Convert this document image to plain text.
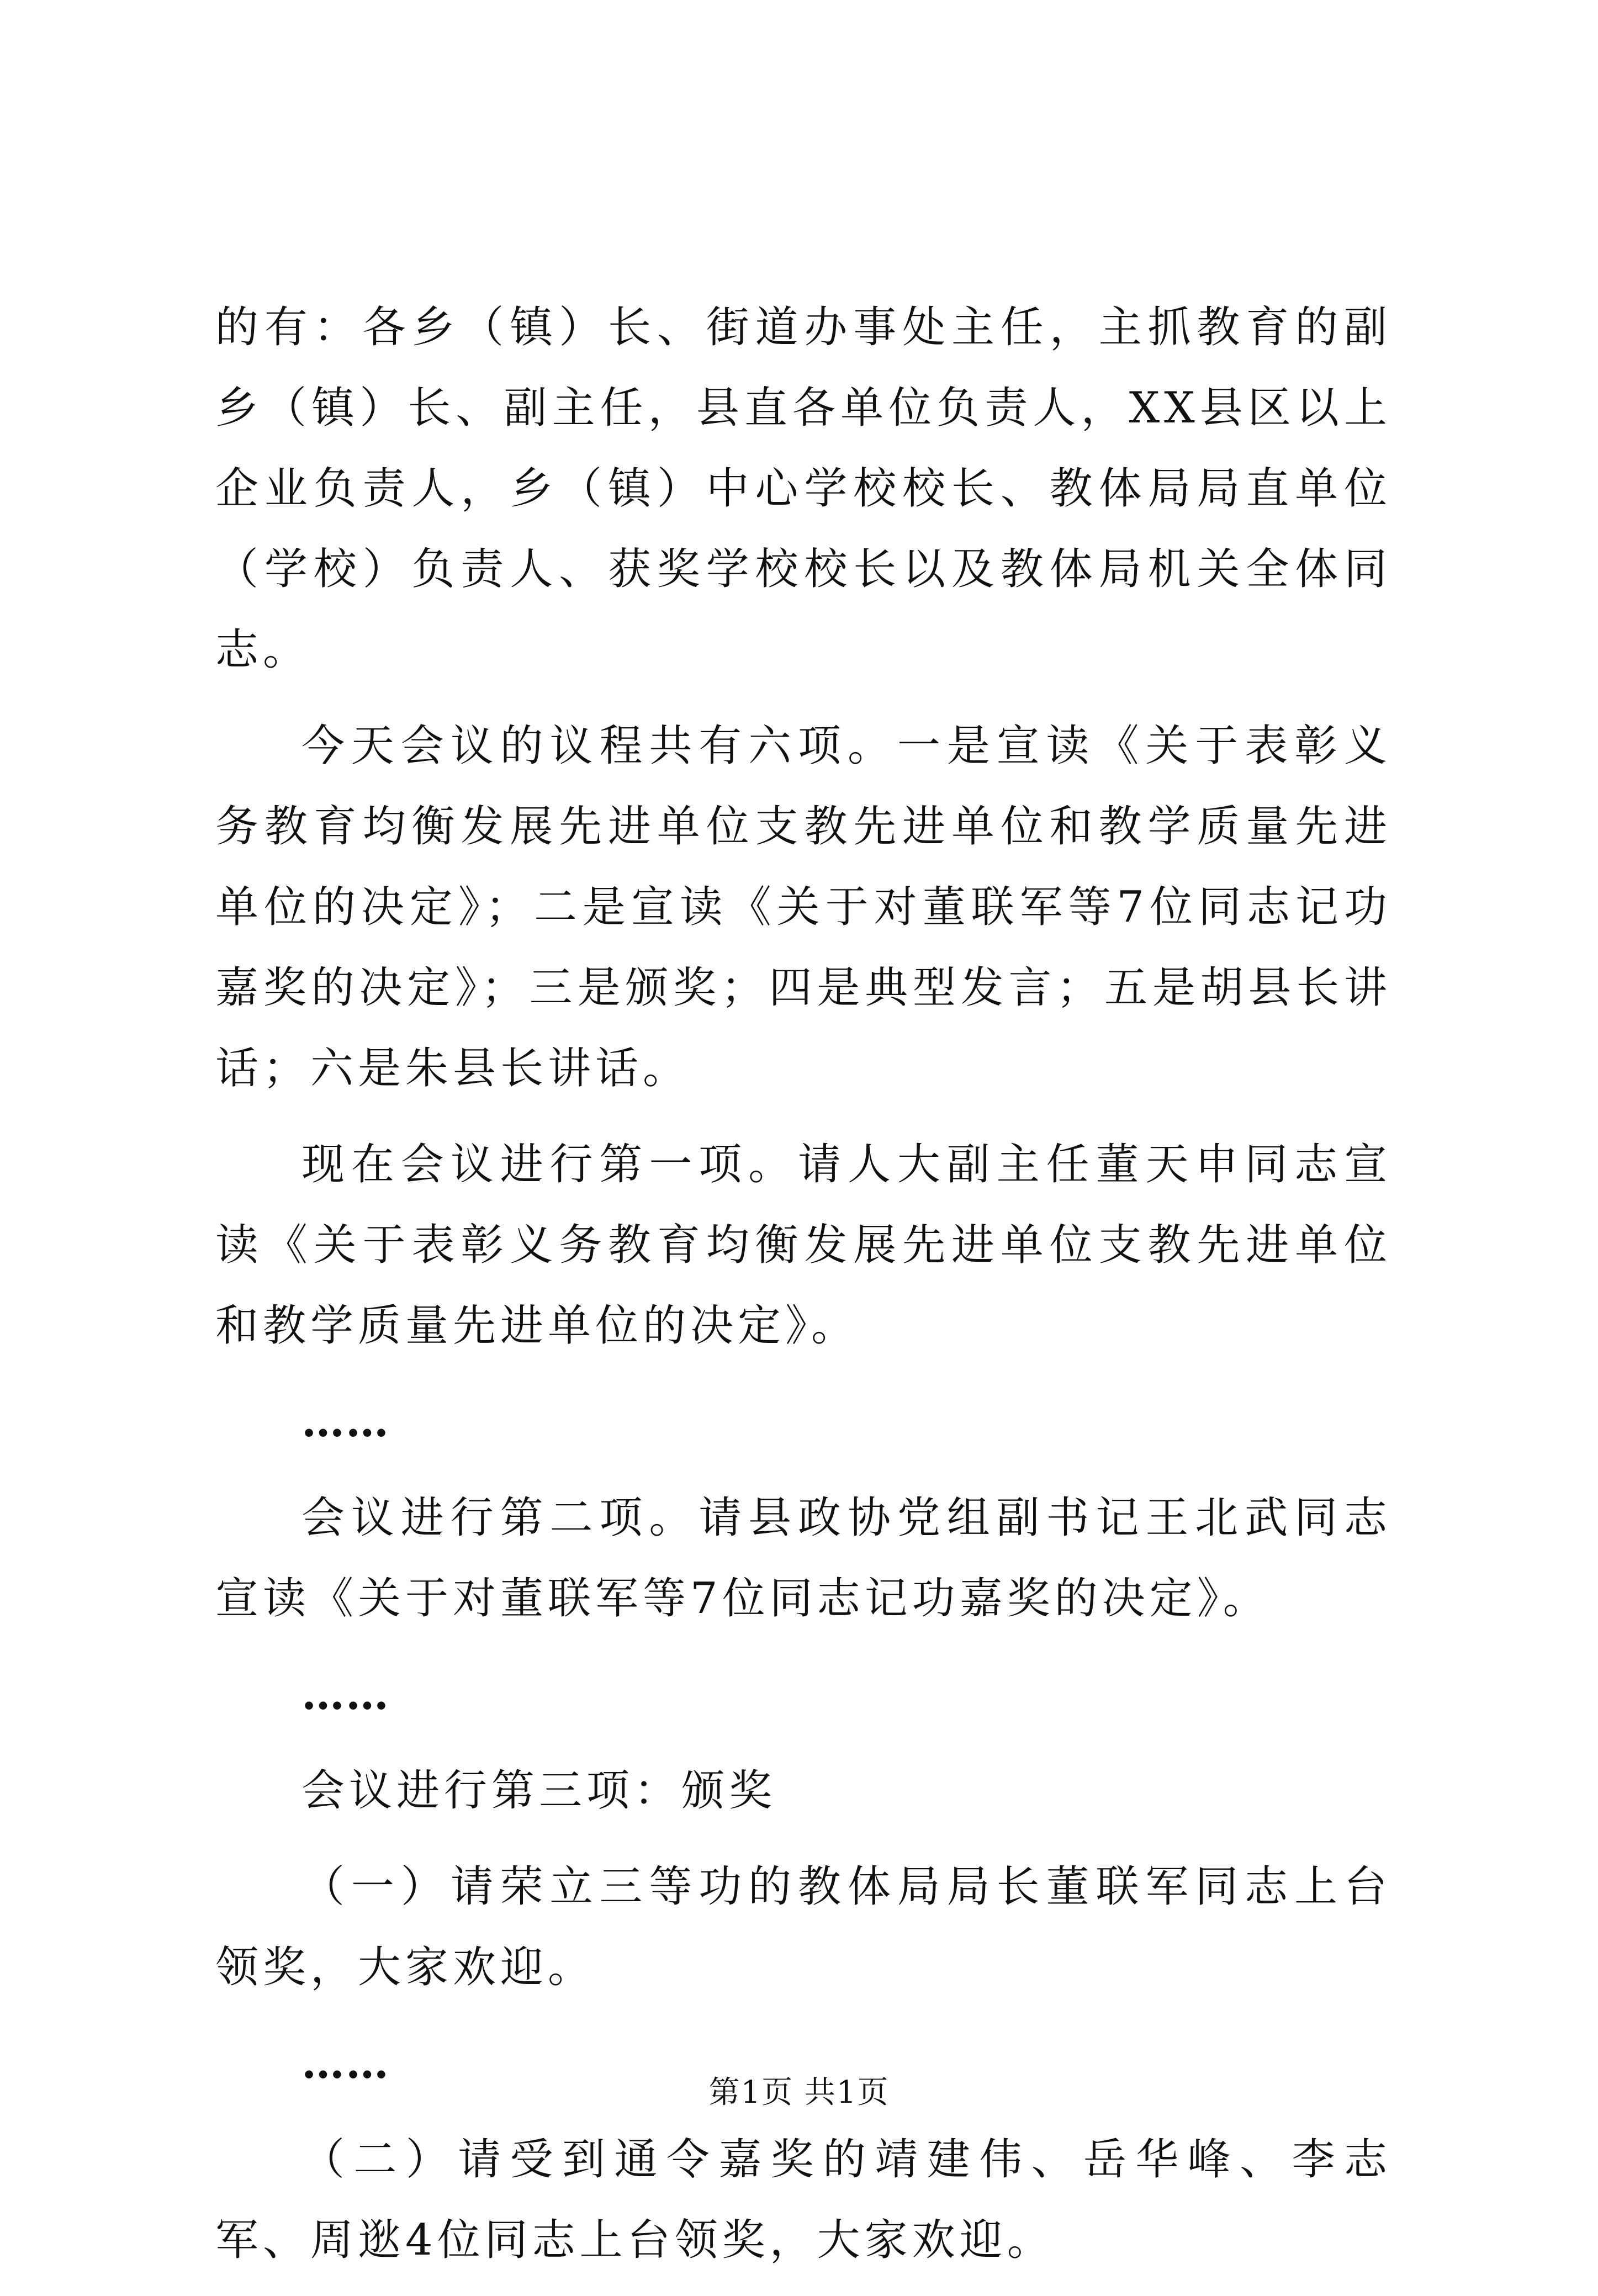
的有：各乡（镇）长、街道办事处主任，主抓教育的副乡（镇）长、副主任，县直各单位负责人，XX县区以上企业负责人，乡（镇）中心学校校长、教体局局直单位（学校）负责人、获奖学校校长以及教体局机关全体同志。

今天会议的议程共有六项。一是宣读《关于表彰义务教育均衡发展先进单位支教先进单位和教学质量先进单位的决定》；二是宣读《关于对董联军等7位同志记功嘉奖的决定》；三是颁奖；四是典型发言；五是胡县长讲话；六是朱县长讲话。

现在会议进行第一项。请人大副主任董天申同志宣读《关于表彰义务教育均衡发展先进单位支教先进单位和教学质量先进单位的决定》。

……

会议进行第二项。请县政协党组副书记王北武同志宣读《关于对董联军等7位同志记功嘉奖的决定》。

……

会议进行第三项：颁奖

（一）请荣立三等功的教体局局长董联军同志上台领奖，大家欢迎。

……

（二）请受到通令嘉奖的靖建伟、岳华峰、李志军、周逖4位同志上台领奖，大家欢迎。

第1页 共1页
